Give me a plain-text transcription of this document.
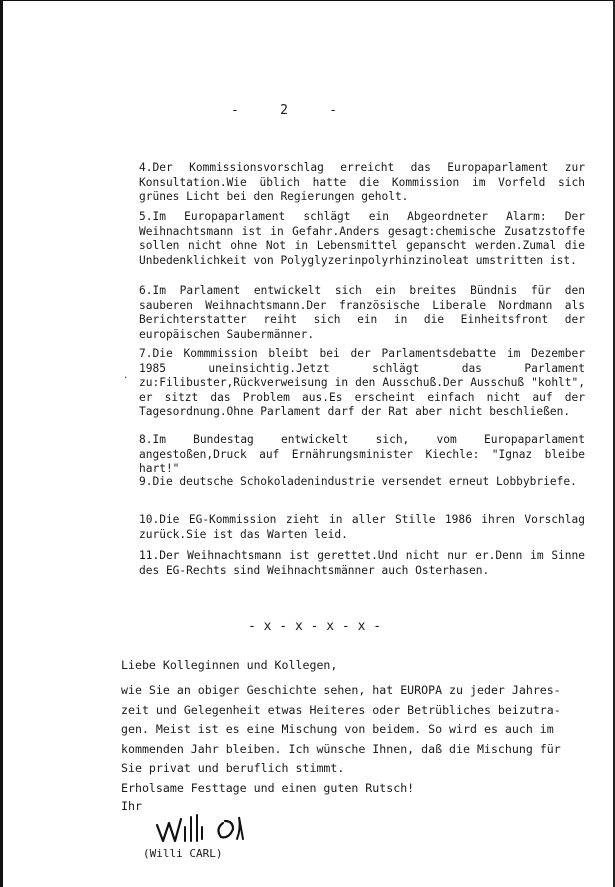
-    2    -

4.Der Kommissionsvorschlag erreicht das Europaparlament zur Konsultation.Wie üblich hatte die Kommission im Vorfeld sich grünes Licht bei den Regierungen geholt.

5.Im Europaparlament schlägt ein Abgeordneter Alarm: Der Weihnachtsmann ist in Gefahr.Anders gesagt:chemische Zusatzstoffe sollen nicht ohne Not in Lebensmittel gepanscht werden.Zumal die Unbedenklichkeit von Polyglyzerinpolyrhinzinoleat umstritten ist.

6.Im Parlament entwickelt sich ein breites Bündnis für den sauberen Weihnachtsmann.Der französische Liberale Nordmann als Berichterstatter reiht sich ein in die Einheitsfront der europäischen Saubermänner.

7.Die Kommmission bleibt bei der Parlamentsdebatte im Dezember 1985 uneinsichtig.Jetzt schlägt das Parlament zu:Filibuster,Rückverweisung in den Ausschuß.Der Ausschuß "kohlt", er sitzt das Problem aus.Es erscheint einfach nicht auf der Tagesordnung.Ohne Parlament darf der Rat aber nicht beschließen.

8.Im Bundestag entwickelt sich, vom Europaparlament angestoßen,Druck auf Ernährungsminister Kiechle: "Ignaz bleibe hart!"

9.Die deutsche Schokoladenindustrie versendet erneut Lobbybriefe.

10.Die EG-Kommission zieht in aller Stille 1986 ihren Vorschlag zurück.Sie ist das Warten leid.

11.Der Weihnachtsmann ist gerettet.Und nicht nur er.Denn im Sinne des EG-Rechts sind Weihnachtsmänner auch Osterhasen.

.
- x - x - x - x -
Liebe Kolleginnen und Kollegen,
wie Sie an obiger Geschichte sehen, hat EUROPA zu jeder Jahres-
zeit und Gelegenheit etwas Heiteres oder Betrübliches beizutra-
gen. Meist ist es eine Mischung von beidem. So wird es auch im
kommenden Jahr bleiben. Ich wünsche Ihnen, daß die Mischung für
Sie privat und beruflich stimmt.
Erholsame Festtage und einen guten Rutsch!
Ihr
(Willi CARL)
